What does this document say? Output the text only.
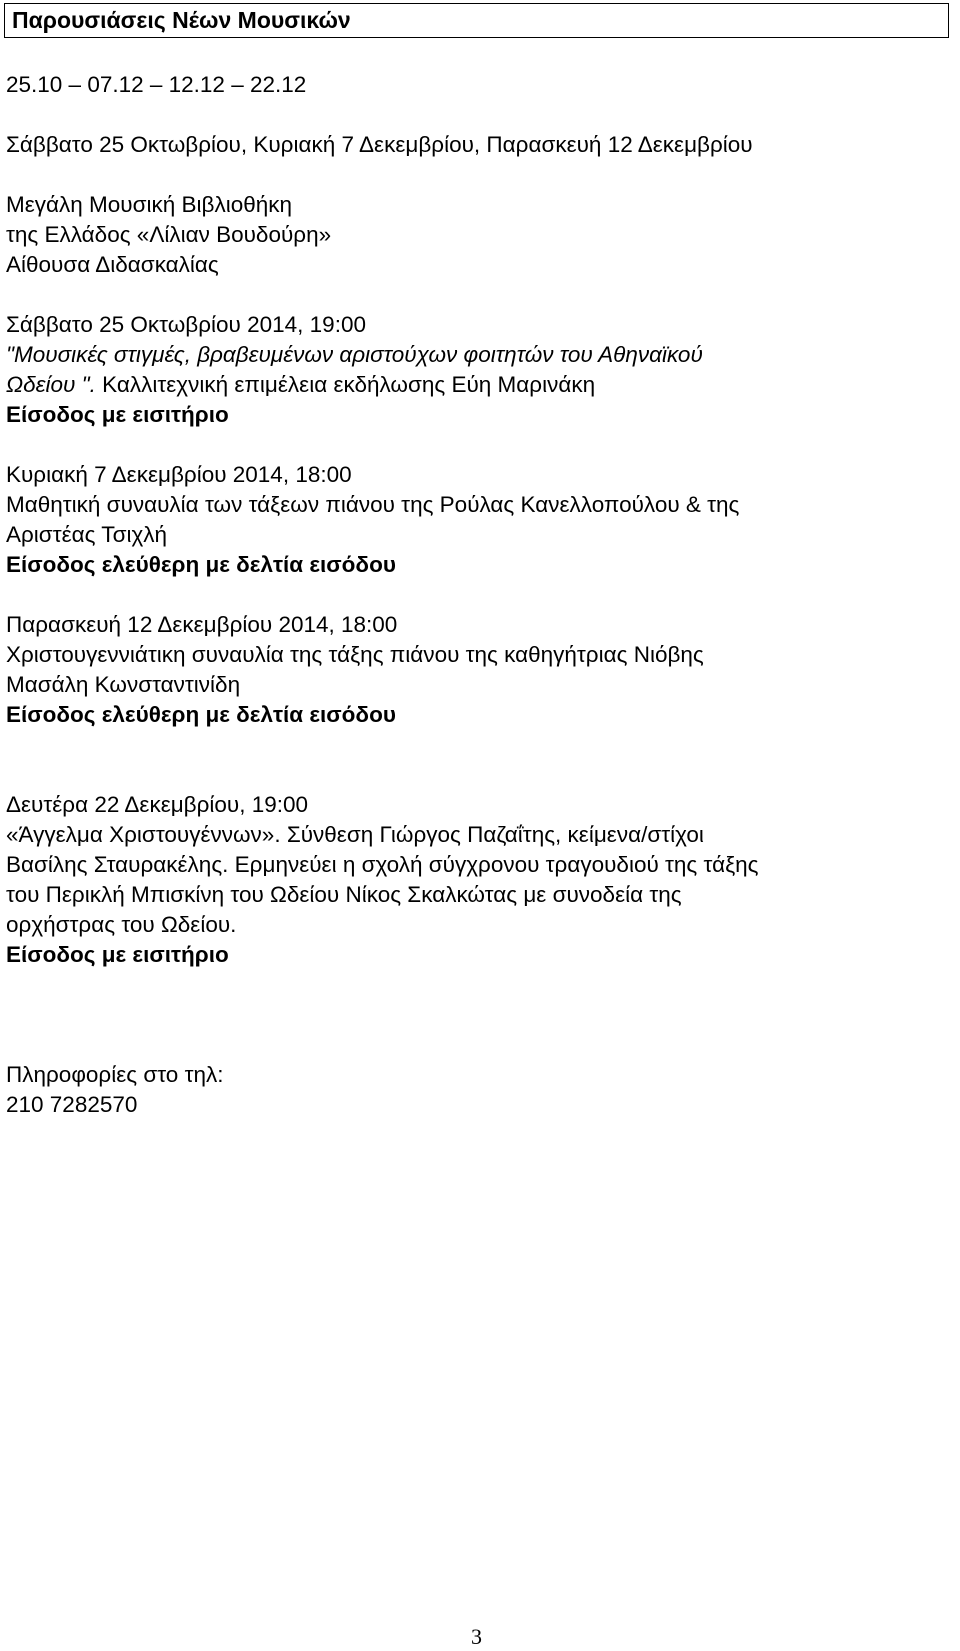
Παρουσιάσεις Νέων Μουσικών
25.10 – 07.12 – 12.12 – 22.12
Σάββατο 25 Οκτωβρίου, Κυριακή 7 Δεκεμβρίου, Παρασκευή 12 Δεκεμβρίου
Μεγάλη Μουσική Βιβλιοθήκη
της Ελλάδος «Λίλιαν Βουδούρη»
Αίθουσα Διδασκαλίας
Σάββατο 25 Οκτωβρίου 2014, 19:00
"Μουσικές στιγμές, βραβευμένων αριστούχων φοιτητών του Αθηναϊκού
Ωδείου ". Καλλιτεχνική επιμέλεια εκδήλωσης Εύη Μαρινάκη
Είσοδος με εισιτήριο
Κυριακή 7 Δεκεμβρίου 2014, 18:00
Μαθητική συναυλία των τάξεων πιάνου της Ρούλας Κανελλοπούλου & της
Αριστέας Τσιχλή
Είσοδος ελεύθερη με δελτία εισόδου
Παρασκευή 12 Δεκεμβρίου 2014, 18:00
Χριστουγεννιάτικη συναυλία της τάξης πιάνου της καθηγήτριας Νιόβης
Μασάλη Κωνσταντινίδη
Είσοδος ελεύθερη με δελτία εισόδου
Δευτέρα 22 Δεκεμβρίου, 19:00
«Άγγελμα Χριστουγέννων». Σύνθεση Γιώργος Παζαΐτης, κείμενα/στίχοι
Βασίλης Σταυρακέλης. Ερμηνεύει η σχολή σύγχρονου τραγουδιού της τάξης
του Περικλή Μπισκίνη του Ωδείου Νίκος Σκαλκώτας με συνοδεία της
ορχήστρας του Ωδείου.
Είσοδος με εισιτήριο
Πληροφορίες στο τηλ:
210 7282570
3
